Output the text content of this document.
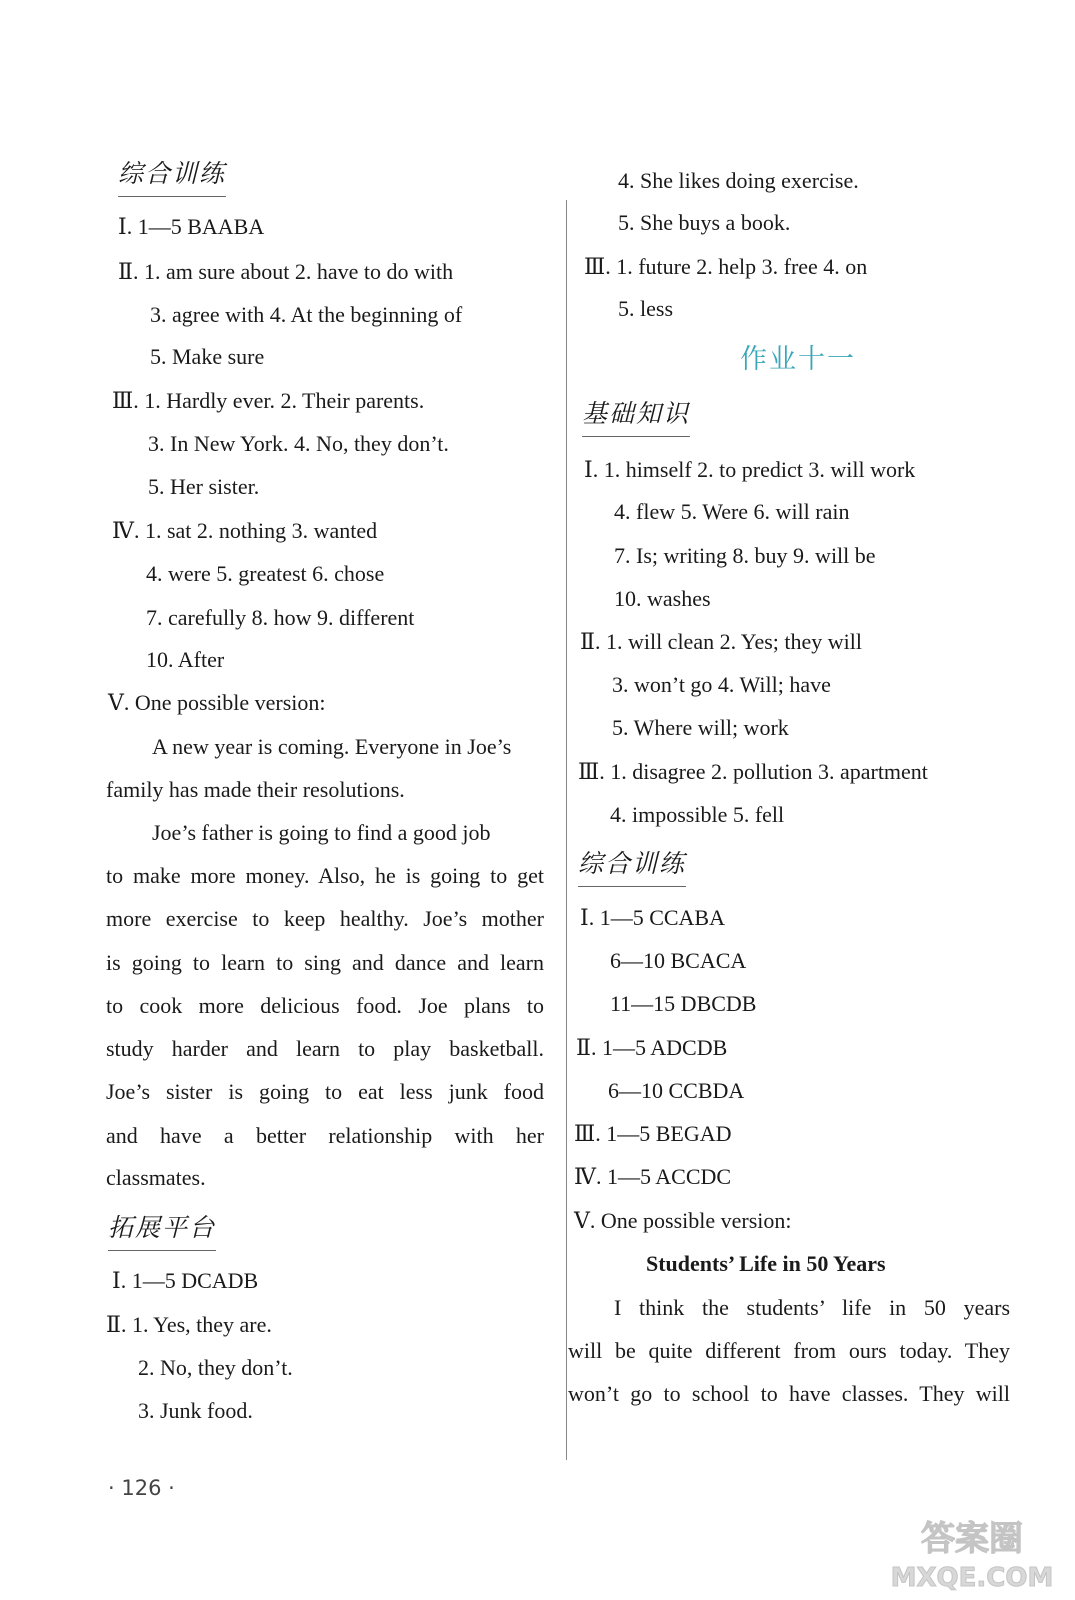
综合训练
Ⅰ. 1—5 BAABA
Ⅱ. 1. am sure about 2. have to do with
3. agree with 4. At the beginning of
5. Make sure
Ⅲ. 1. Hardly ever. 2. Their parents.
3. In New York. 4. No, they don’t.
5. Her sister.
Ⅳ. 1. sat 2. nothing 3. wanted
4. were 5. greatest 6. chose
7. carefully 8. how 9. different
10. After
Ⅴ. One possible version:
A new year is coming. Everyone in Joe’s
family has made their resolutions.
Joe’s father is going to find a good job
to make more money. Also, he is going to get
more exercise to keep healthy. Joe’s mother
is going to learn to sing and dance and learn
to cook more delicious food. Joe plans to
study harder and learn to play basketball.
Joe’s sister is going to eat less junk food
and have a better relationship with her
classmates.
拓展平台
Ⅰ. 1—5 DCADB
Ⅱ. 1. Yes, they are.
2. No, they don’t.
3. Junk food.
4. She likes doing exercise.
5. She buys a book.
Ⅲ. 1. future 2. help 3. free 4. on
5. less
作业十一
基础知识
Ⅰ. 1. himself 2. to predict 3. will work
4. flew 5. Were 6. will rain
7. Is; writing 8. buy 9. will be
10. washes
Ⅱ. 1. will clean 2. Yes; they will
3. won’t go 4. Will; have
5. Where will; work
Ⅲ. 1. disagree 2. pollution 3. apartment
4. impossible 5. fell
综合训练
Ⅰ. 1—5 CCABA
6—10 BCACA
11—15 DBCDB
Ⅱ. 1—5 ADCDB
6—10 CCBDA
Ⅲ. 1—5 BEGAD
Ⅳ. 1—5 ACCDC
Ⅴ. One possible version:
Students’ Life in 50 Years
I think the students’ life in 50 years
will be quite different from ours today. They
won’t go to school to have classes. They will
· 126 ·
答案圈
MXQE.COM
